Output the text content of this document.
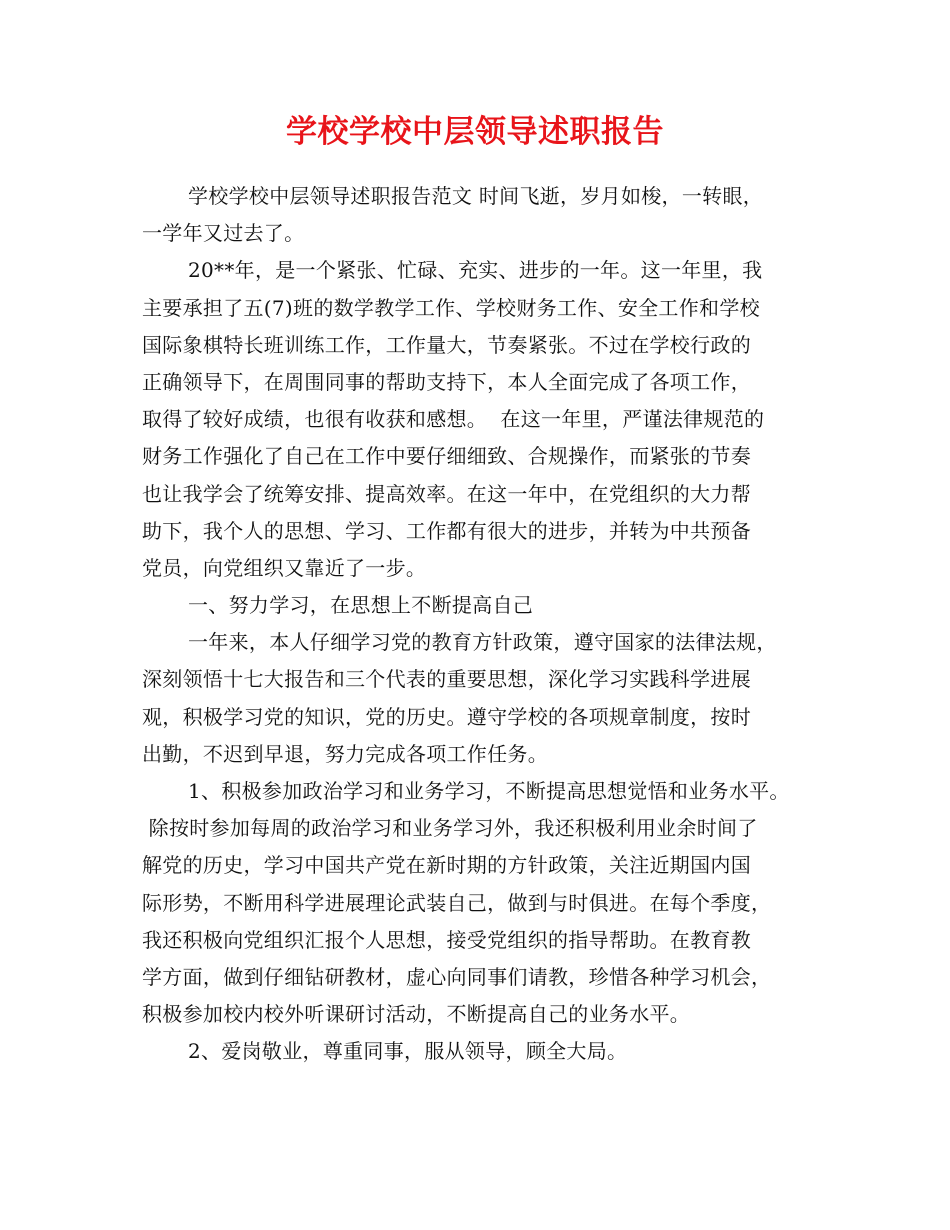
学校学校中层领导述职报告
学校学校中层领导述职报告范文 时间飞逝，岁月如梭，一转眼，
一学年又过去了。
20**年，是一个紧张、忙碌、充实、进步的一年。这一年里，我
主要承担了五(7)班的数学教学工作、学校财务工作、安全工作和学校
国际象棋特长班训练工作，工作量大，节奏紧张。不过在学校行政的
正确领导下，在周围同事的帮助支持下，本人全面完成了各项工作，
取得了较好成绩，也很有收获和感想。  在这一年里，严谨法律规范的
财务工作强化了自己在工作中要仔细细致、合规操作，而紧张的节奏
也让我学会了统筹安排、提高效率。在这一年中，在党组织的大力帮
助下，我个人的思想、学习、工作都有很大的进步，并转为中共预备
党员，向党组织又靠近了一步。
一、努力学习，在思想上不断提高自己
一年来，本人仔细学习党的教育方针政策，遵守国家的法律法规，
深刻领悟十七大报告和三个代表的重要思想，深化学习实践科学进展
观，积极学习党的知识，党的历史。遵守学校的各项规章制度，按时
出勤，不迟到早退，努力完成各项工作任务。
1、积极参加政治学习和业务学习，不断提高思想觉悟和业务水平。
除按时参加每周的政治学习和业务学习外，我还积极利用业余时间了
解党的历史，学习中国共产党在新时期的方针政策，关注近期国内国
际形势，不断用科学进展理论武装自己，做到与时俱进。在每个季度，
我还积极向党组织汇报个人思想，接受党组织的指导帮助。在教育教
学方面，做到仔细钻研教材，虚心向同事们请教，珍惜各种学习机会，
积极参加校内校外听课研讨活动，不断提高自己的业务水平。
2、爱岗敬业，尊重同事，服从领导，顾全大局。
